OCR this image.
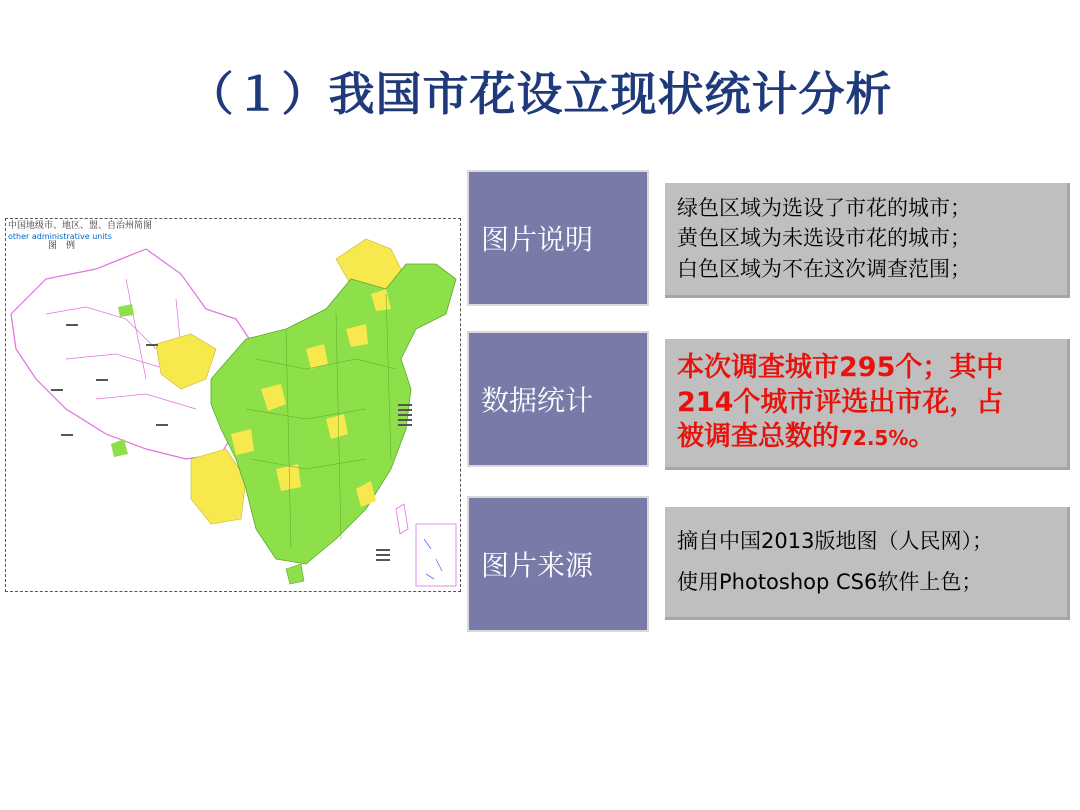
（１）我国市花设立现状统计分析
中国地级市、地区、盟、自治州简图
other administrative units
图　例	图片说明
绿色区域为选设了市花的城市；
黄色区域为未选设市花的城市；
白色区域为不在这次调查范围；
数据统计
本次调查城市295个；其中
214个城市评选出市花，占
被调查总数的72.5%。
图片来源
摘自中国2013版地图（人民网）；
使用Photoshop CS6软件上色；
